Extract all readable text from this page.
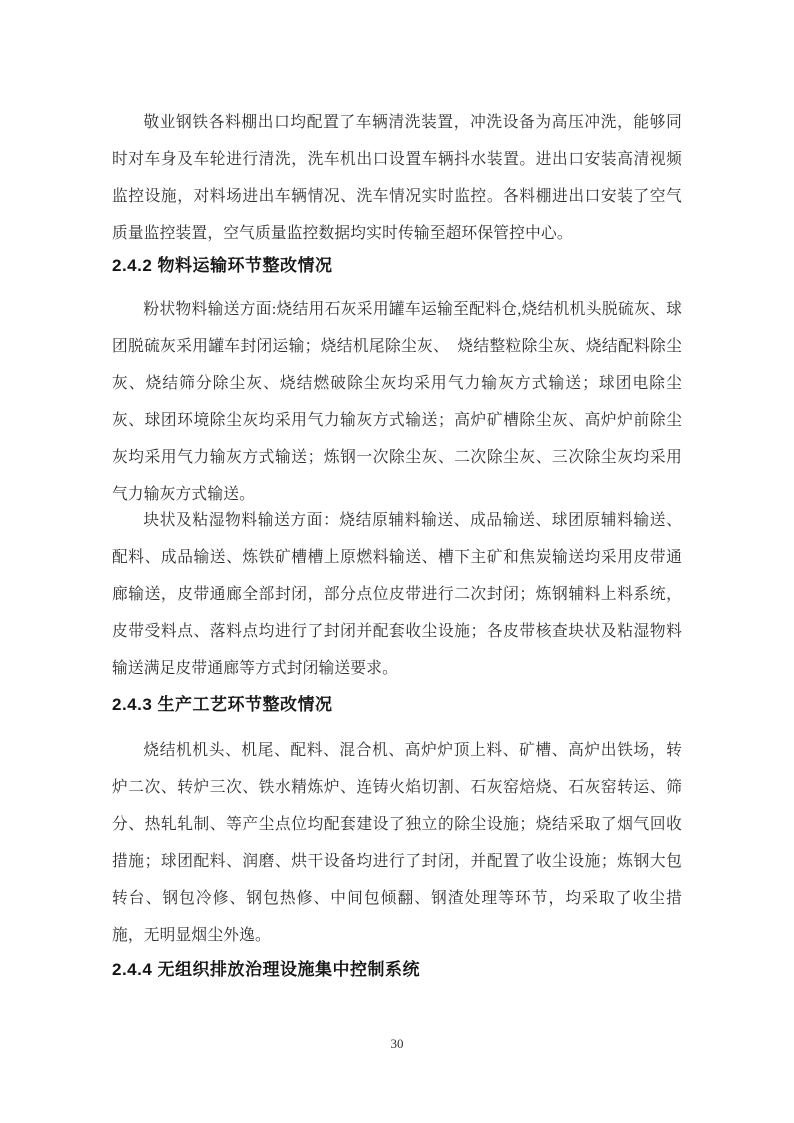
敬业钢铁各料棚出口均配置了车辆清洗装置，冲洗设备为高压冲洗，能够同时对车身及车轮进行清洗，洗车机出口设置车辆抖水装置。进出口安装高清视频监控设施，对料场进出车辆情况、洗车情况实时监控。各料棚进出口安装了空气质量监控装置，空气质量监控数据均实时传输至超环保管控中心。

2.4.2 物料运输环节整改情况

粉状物料输送方面:烧结用石灰采用罐车运输至配料仓,烧结机机头脱硫灰、球团脱硫灰采用罐车封闭运输；烧结机尾除尘灰、　烧结整粒除尘灰、烧结配料除尘灰、烧结筛分除尘灰、烧结燃破除尘灰均采用气力输灰方式输送；球团电除尘灰、球团环境除尘灰均采用气力输灰方式输送；高炉矿槽除尘灰、高炉炉前除尘灰均采用气力输灰方式输送；炼钢一次除尘灰、二次除尘灰、三次除尘灰均采用气力输灰方式输送。

块状及粘湿物料输送方面：烧结原辅料输送、成品输送、球团原辅料输送、配料、成品输送、炼铁矿槽槽上原燃料输送、槽下主矿和焦炭输送均采用皮带通廊输送，皮带通廊全部封闭，部分点位皮带进行二次封闭；炼钢辅料上料系统，皮带受料点、落料点均进行了封闭并配套收尘设施；各皮带核查块状及粘湿物料输送满足皮带通廊等方式封闭输送要求。

2.4.3 生产工艺环节整改情况

烧结机机头、机尾、配料、混合机、高炉炉顶上料、矿槽、高炉出铁场，转炉二次、转炉三次、铁水精炼炉、连铸火焰切割、石灰窑焙烧、石灰窑转运、筛分、热轧轧制、等产尘点位均配套建设了独立的除尘设施；烧结采取了烟气回收措施；球团配料、润磨、烘干设备均进行了封闭，并配置了收尘设施；炼钢大包转台、钢包冷修、钢包热修、中间包倾翻、钢渣处理等环节，均采取了收尘措施，无明显烟尘外逸。

2.4.4 无组织排放治理设施集中控制系统
30
